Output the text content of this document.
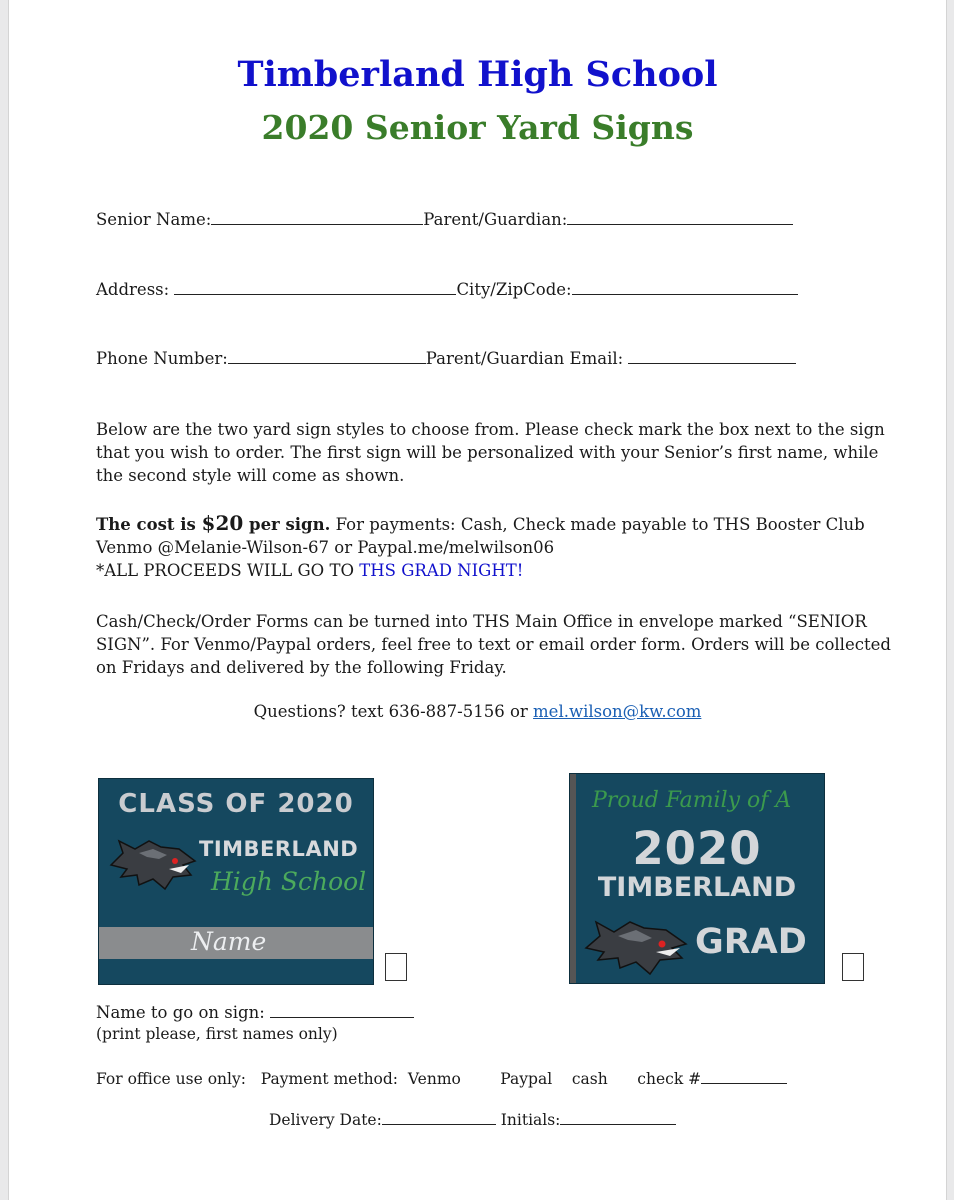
Timberland High School
2020 Senior Yard Signs
Senior Name:	Parent/Guardian:
Address:	City/ZipCode:
Phone Number:	Parent/Guardian Email:
Below are the two yard sign styles to choose from. Please check mark the box next to the sign that you wish to order. The first sign will be personalized with your Senior’s first name, while the second style will come as shown.
The cost is $20 per sign. For payments: Cash, Check made payable to THS Booster Club
Venmo @Melanie-Wilson-67 or Paypal.me/melwilson06
*ALL PROCEEDS WILL GO TO THS GRAD NIGHT!
Cash/Check/Order Forms can be turned into THS Main Office in envelope marked “SENIOR SIGN”. For Venmo/Paypal orders, feel free to text or email order form. Orders will be collected on Fridays and delivered by the following Friday.
Questions? text 636-887-5156 or mel.wilson@kw.com
CLASS OF 2020
TIMBERLAND
High School
Name
Proud Family of A
2020
TIMBERLAND
GRAD
Name to go on sign:
(print please, first names only)
For office use only: Payment method: Venmo	Paypal cash check #
Delivery Date:	Initials:
